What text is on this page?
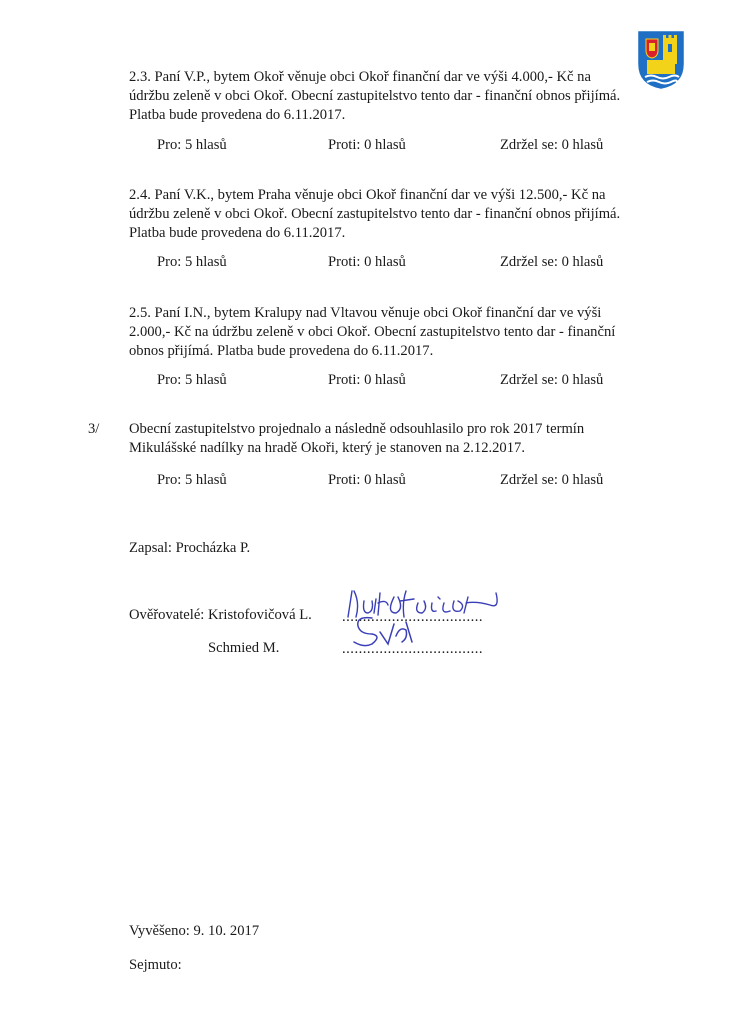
2.3. Paní V.P., bytem Okoř věnuje obci Okoř finanční dar ve výši 4.000,- Kč na
údržbu zeleně v obci Okoř. Obecní zastupitelstvo tento dar - finanční obnos přijímá.
Platba bude provedena do 6.11.2017.
Pro: 5 hlasů	Proti: 0 hlasů	Zdržel se: 0 hlasů
2.4. Paní V.K., bytem Praha věnuje obci Okoř finanční dar ve výši 12.500,- Kč na
údržbu zeleně v obci Okoř. Obecní zastupitelstvo tento dar - finanční obnos přijímá.
Platba bude provedena do 6.11.2017.
Pro: 5 hlasů	Proti: 0 hlasů	Zdržel se: 0 hlasů
2.5. Paní I.N., bytem Kralupy nad Vltavou věnuje obci Okoř finanční dar ve výši
2.000,- Kč na údržbu zeleně v obci Okoř. Obecní zastupitelstvo tento dar - finanční
obnos přijímá. Platba bude provedena do 6.11.2017.
Pro: 5 hlasů	Proti: 0 hlasů	Zdržel se: 0 hlasů
3/ Obecní zastupitelstvo projednalo a následně odsouhlasilo pro rok 2017 termín
Mikulášské nadílky na hradě Okoři, který je stanoven na 2.12.2017.
Pro: 5 hlasů	Proti: 0 hlasů	Zdržel se: 0 hlasů
Zapsal: Procházka P.
Ověřovatelé: Kristofovičová L. ..................................
Schmied M.	..................................
Vyvěšeno: 9. 10. 2017
Sejmuto:
